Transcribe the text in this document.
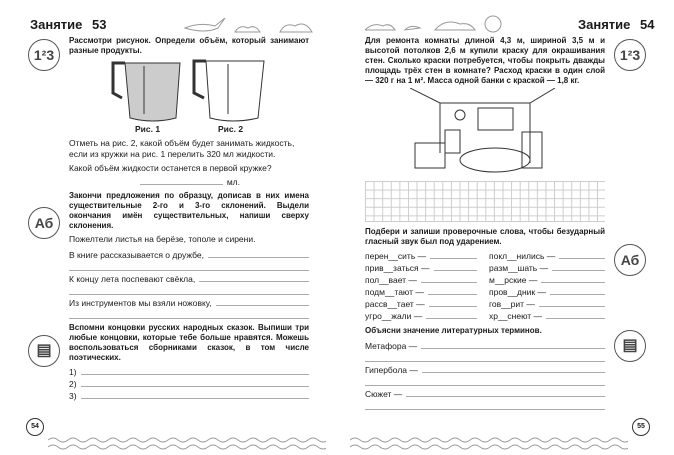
Занятие 53
1²3
Аб
▤
Рассмотри рисунок. Определи объём, который занимают разные продукты.
Рис. 1	Рис. 2
Отметь на рис. 2, какой объём будет занимать жидкость, если из кружки на рис. 1 перелить 320 мл жидкости.
Какой объём жидкости останется в первой кружке?
мл.
Закончи предложения по образцу, дописав в них имена существительные 2-го и 3-го склонений. Выдели окончания имён существительных, напиши сверху склонения.
Пожелтели листья на берёзе, тополе и сирени.
В книге рассказывается о дружбе,
К концу лета поспевают свёкла,
Из инструментов мы взяли ножовку,
Вспомни концовки русских народных сказок. Выпиши три любые концовки, которые тебе больше нравятся. Можешь воспользоваться сборниками сказок, в том числе поэтических.
1)
2)
3)
54
Занятие 54
1²3
Аб
▤
Для ремонта комнаты длиной 4,3 м, шириной 3,5 м и высотой потолков 2,6 м купили краску для окрашивания стен. Сколько краски потребуется, чтобы покрыть дважды площадь трёх стен в комнате? Расход краски в один слой — 320 г на 1 м². Масса одной банки с краской — 1,8 кг.
Подбери и запиши проверочные слова, чтобы безударный гласный звук был под ударением.
перен__сить —
прив__заться —
пол__вает —
подм__тают —
рассв__тает —
угро__жали —
покл__нились —
разм__шать —
м__рские —
пров__дник —
гов__рит —
хр__снеют —
Объясни значение литературных терминов.
Метафора —
Гипербола —
Сюжет —
55
